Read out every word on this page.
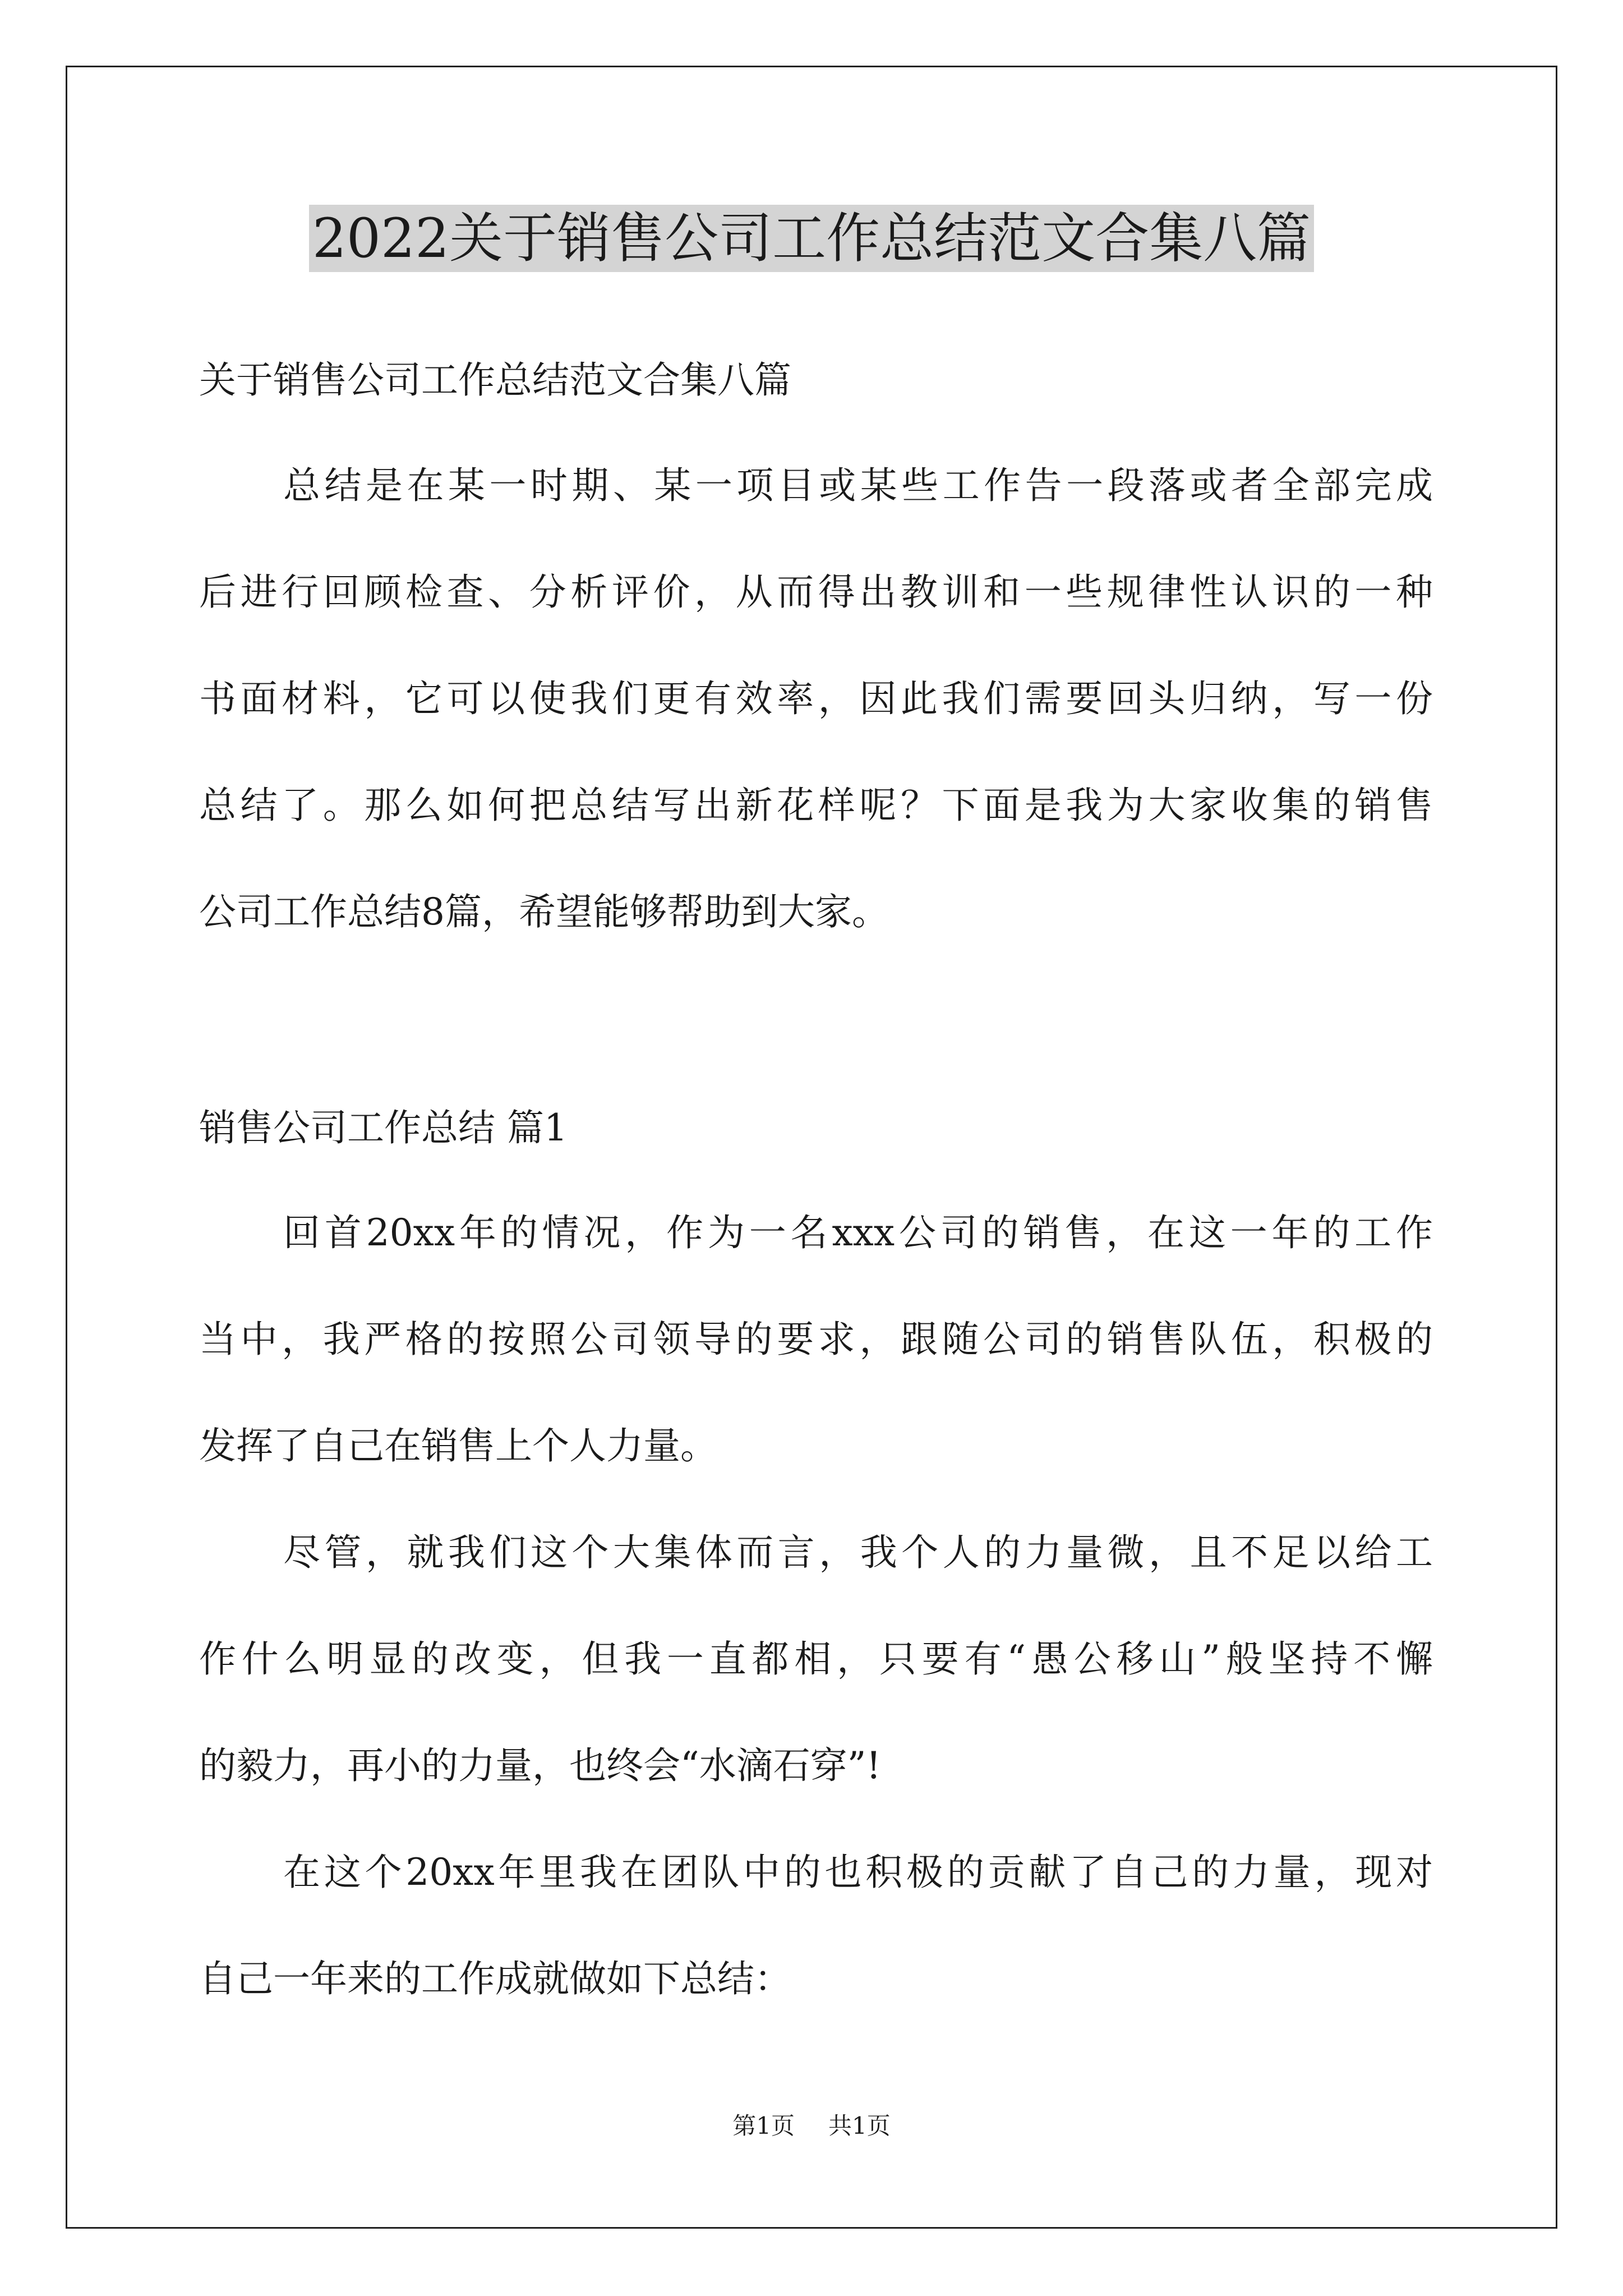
2022关于销售公司工作总结范文合集八篇
关于销售公司工作总结范文合集八篇
总结是在某一时期、某一项目或某些工作告一段落或者全部完成
后进行回顾检查、分析评价，从而得出教训和一些规律性认识的一种
书面材料，它可以使我们更有效率，因此我们需要回头归纳，写一份
总结了。那么如何把总结写出新花样呢？下面是我为大家收集的销售
公司工作总结8篇，希望能够帮助到大家。
销售公司工作总结 篇1
回首20xx年的情况，作为一名xxx公司的销售，在这一年的工作
当中，我严格的按照公司领导的要求，跟随公司的销售队伍，积极的
发挥了自己在销售上个人力量。
尽管，就我们这个大集体而言，我个人的力量微，且不足以给工
作什么明显的改变，但我一直都相，只要有“愚公移山”般坚持不懈
的毅力，再小的力量，也终会“水滴石穿”!
在这个20xx年里我在团队中的也积极的贡献了自己的力量，现对
自己一年来的工作成就做如下总结：
第1页 共1页
